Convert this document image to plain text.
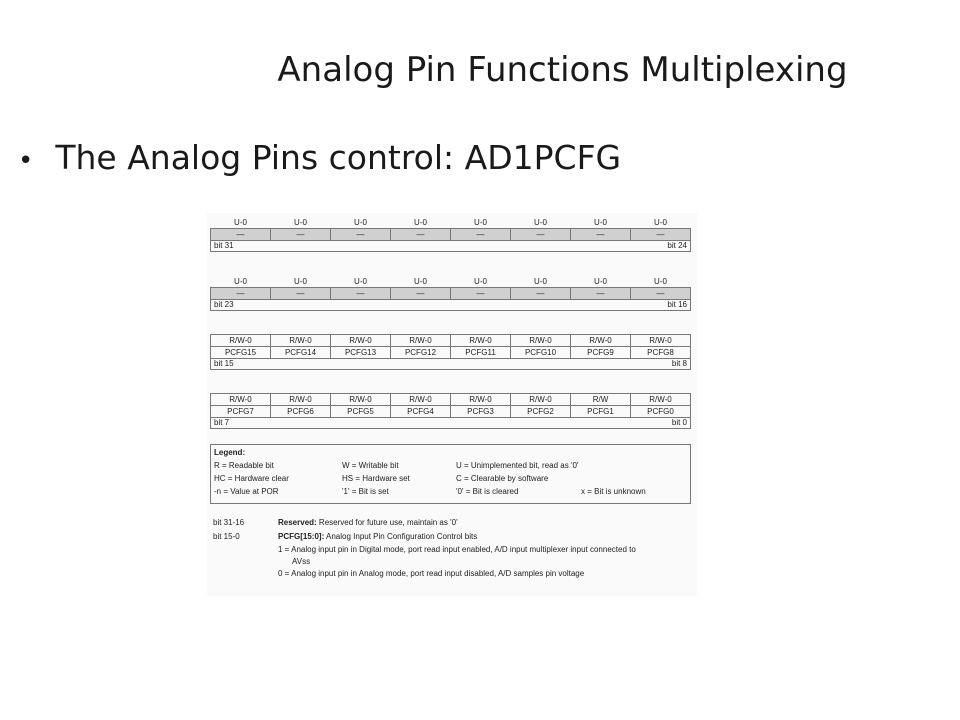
Analog Pin Functions Multiplexing
• The Analog Pins control: AD1PCFG
U-0	U-0	U-0	U-0	U-0	U-0	U-0	U-0
—	—	—	—	—	—	—	—
bit 31	bit 24
U-0	U-0	U-0	U-0	U-0	U-0	U-0	U-0
—	—	—	—	—	—	—	—
bit 23	bit 16
R/W-0	R/W-0	R/W-0	R/W-0	R/W-0	R/W-0	R/W-0	R/W-0
PCFG15	PCFG14	PCFG13	PCFG12	PCFG11	PCFG10	PCFG9	PCFG8
bit 15	bit 8
R/W-0	R/W-0	R/W-0	R/W-0	R/W-0	R/W-0	R/W	R/W-0
PCFG7	PCFG6	PCFG5	PCFG4	PCFG3	PCFG2	PCFG1	PCFG0
bit 7	bit 0
Legend:
R = Readable bit	W = Writable bit	U = Unimplemented bit, read as '0'
HC = Hardware clear	HS = Hardware set	C = Clearable by software
-n = Value at POR	'1' = Bit is set	'0' = Bit is cleared	x = Bit is unknown
bit 31-16	Reserved: Reserved for future use, maintain as '0'
bit 15-0	PCFG[15:0]: Analog Input Pin Configuration Control bits
1 = Analog input pin in Digital mode, port read input enabled, A/D input multiplexer input connected to
AVss
0 = Analog input pin in Analog mode, port read input disabled, A/D samples pin voltage
